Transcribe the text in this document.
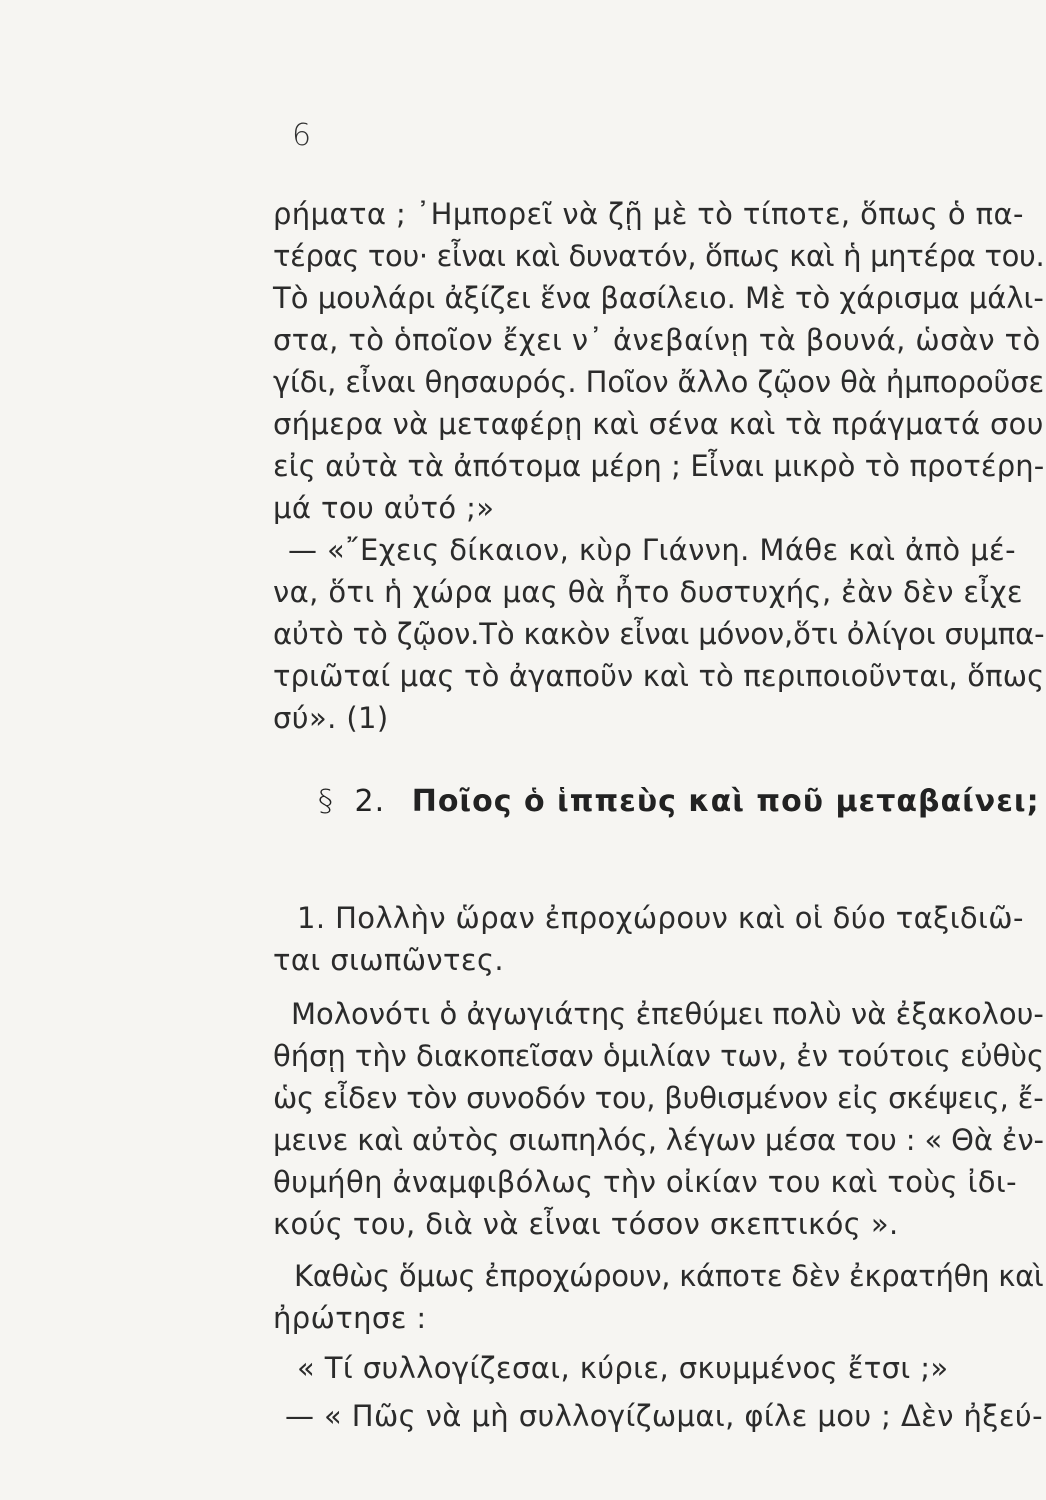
6
ρήματα ; ᾿Ημπορεῖ νὰ ζῇ μὲ τὸ τίποτε, ὅπως ὁ πα-
τέρας του· εἶναι καὶ δυνατόν, ὅπως καὶ ἡ μητέρα του.
Τὸ μουλάρι ἀξίζει ἕνα βασίλειο. Μὲ τὸ χάρισμα μάλι-
στα, τὸ ὁποῖον ἔχει ν᾿ ἀνεβαίνῃ τὰ βουνά, ὡσὰν τὸ
γίδι, εἶναι θησαυρός. Ποῖον ἄλλο ζῷον θὰ ἠμποροῦσε
σήμερα νὰ μεταφέρῃ καὶ σένα καὶ τὰ πράγματά σου
εἰς αὐτὰ τὰ ἀπότομα μέρη ; Εἶναι μικρὸ τὸ προτέρη-
μά του αὐτό ;»
— «῎Εχεις δίκαιον, κὺρ Γιάννη. Μάθε καὶ ἀπὸ μέ-
να, ὅτι ἡ χώρα μας θὰ ἦτο δυστυχής, ἐὰν δὲν εἶχε
αὐτὸ τὸ ζῷον.Τὸ κακὸν εἶναι μόνον,ὅτι ὀλίγοι συμπα-
τριῶταί μας τὸ ἀγαποῦν καὶ τὸ περιποιοῦνται, ὅπως
σύ». (1)
§ 2. Ποῖος ὁ ἱππεὺς καὶ ποῦ μεταβαίνει;
1. Πολλὴν ὥραν ἐπροχώρουν καὶ οἱ δύο ταξιδιῶ-
ται σιωπῶντες.
Μολονότι ὁ ἀγωγιάτης ἐπεθύμει πολὺ νὰ ἐξακολου-
θήσῃ τὴν διακοπεῖσαν ὁμιλίαν των, ἐν τούτοις εὐθὺς
ὡς εἶδεν τὸν συνοδόν του, βυθισμένον εἰς σκέψεις, ἔ-
μεινε καὶ αὐτὸς σιωπηλός, λέγων μέσα του : « Θὰ ἐν-
θυμήθη ἀναμφιβόλως τὴν οἰκίαν του καὶ τοὺς ἰδι-
κούς του, διὰ νὰ εἶναι τόσον σκεπτικός ».
Καθὼς ὅμως ἐπροχώρουν, κάποτε δὲν ἐκρατήθη καὶ
ἠρώτησε :
« Τί συλλογίζεσαι, κύριε, σκυμμένος ἔτσι ;»
— « Πῶς νὰ μὴ συλλογίζωμαι, φίλε μου ; Δὲν ἠξεύ-
